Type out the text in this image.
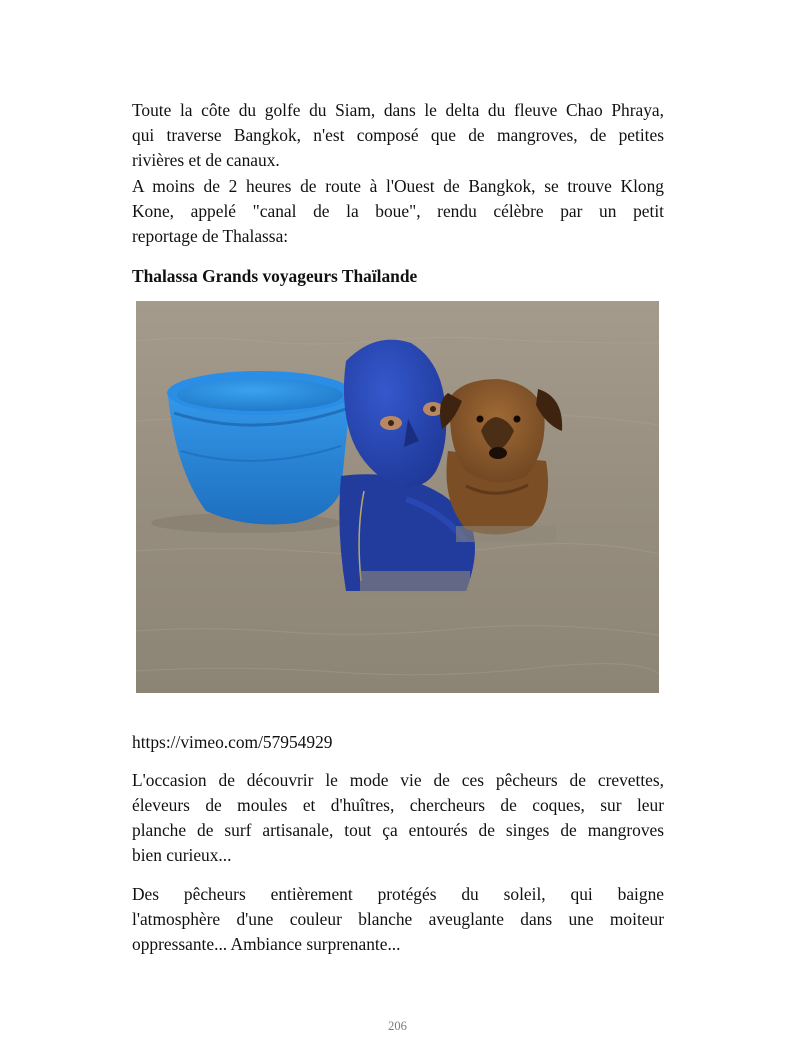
Toute la côte du golfe du Siam, dans le delta du fleuve Chao Phraya,
qui traverse Bangkok, n'est composé que de mangroves, de petites
rivières et de canaux.

A moins de 2 heures de route à l'Ouest de Bangkok, se trouve Klong
Kone, appelé "canal de la boue", rendu célèbre par un petit
reportage de Thalassa:

Thalassa Grands voyageurs Thaïlande

https://vimeo.com/57954929

L'occasion de découvrir le mode vie de ces pêcheurs de crevettes,
éleveurs de moules et d'huîtres, chercheurs de coques, sur leur
planche de surf artisanale, tout ça entourés de singes de mangroves
bien curieux...

Des pêcheurs entièrement protégés du soleil, qui baigne
l'atmosphère d'une couleur blanche aveuglante dans une moiteur
oppressante... Ambiance surprenante...

206
